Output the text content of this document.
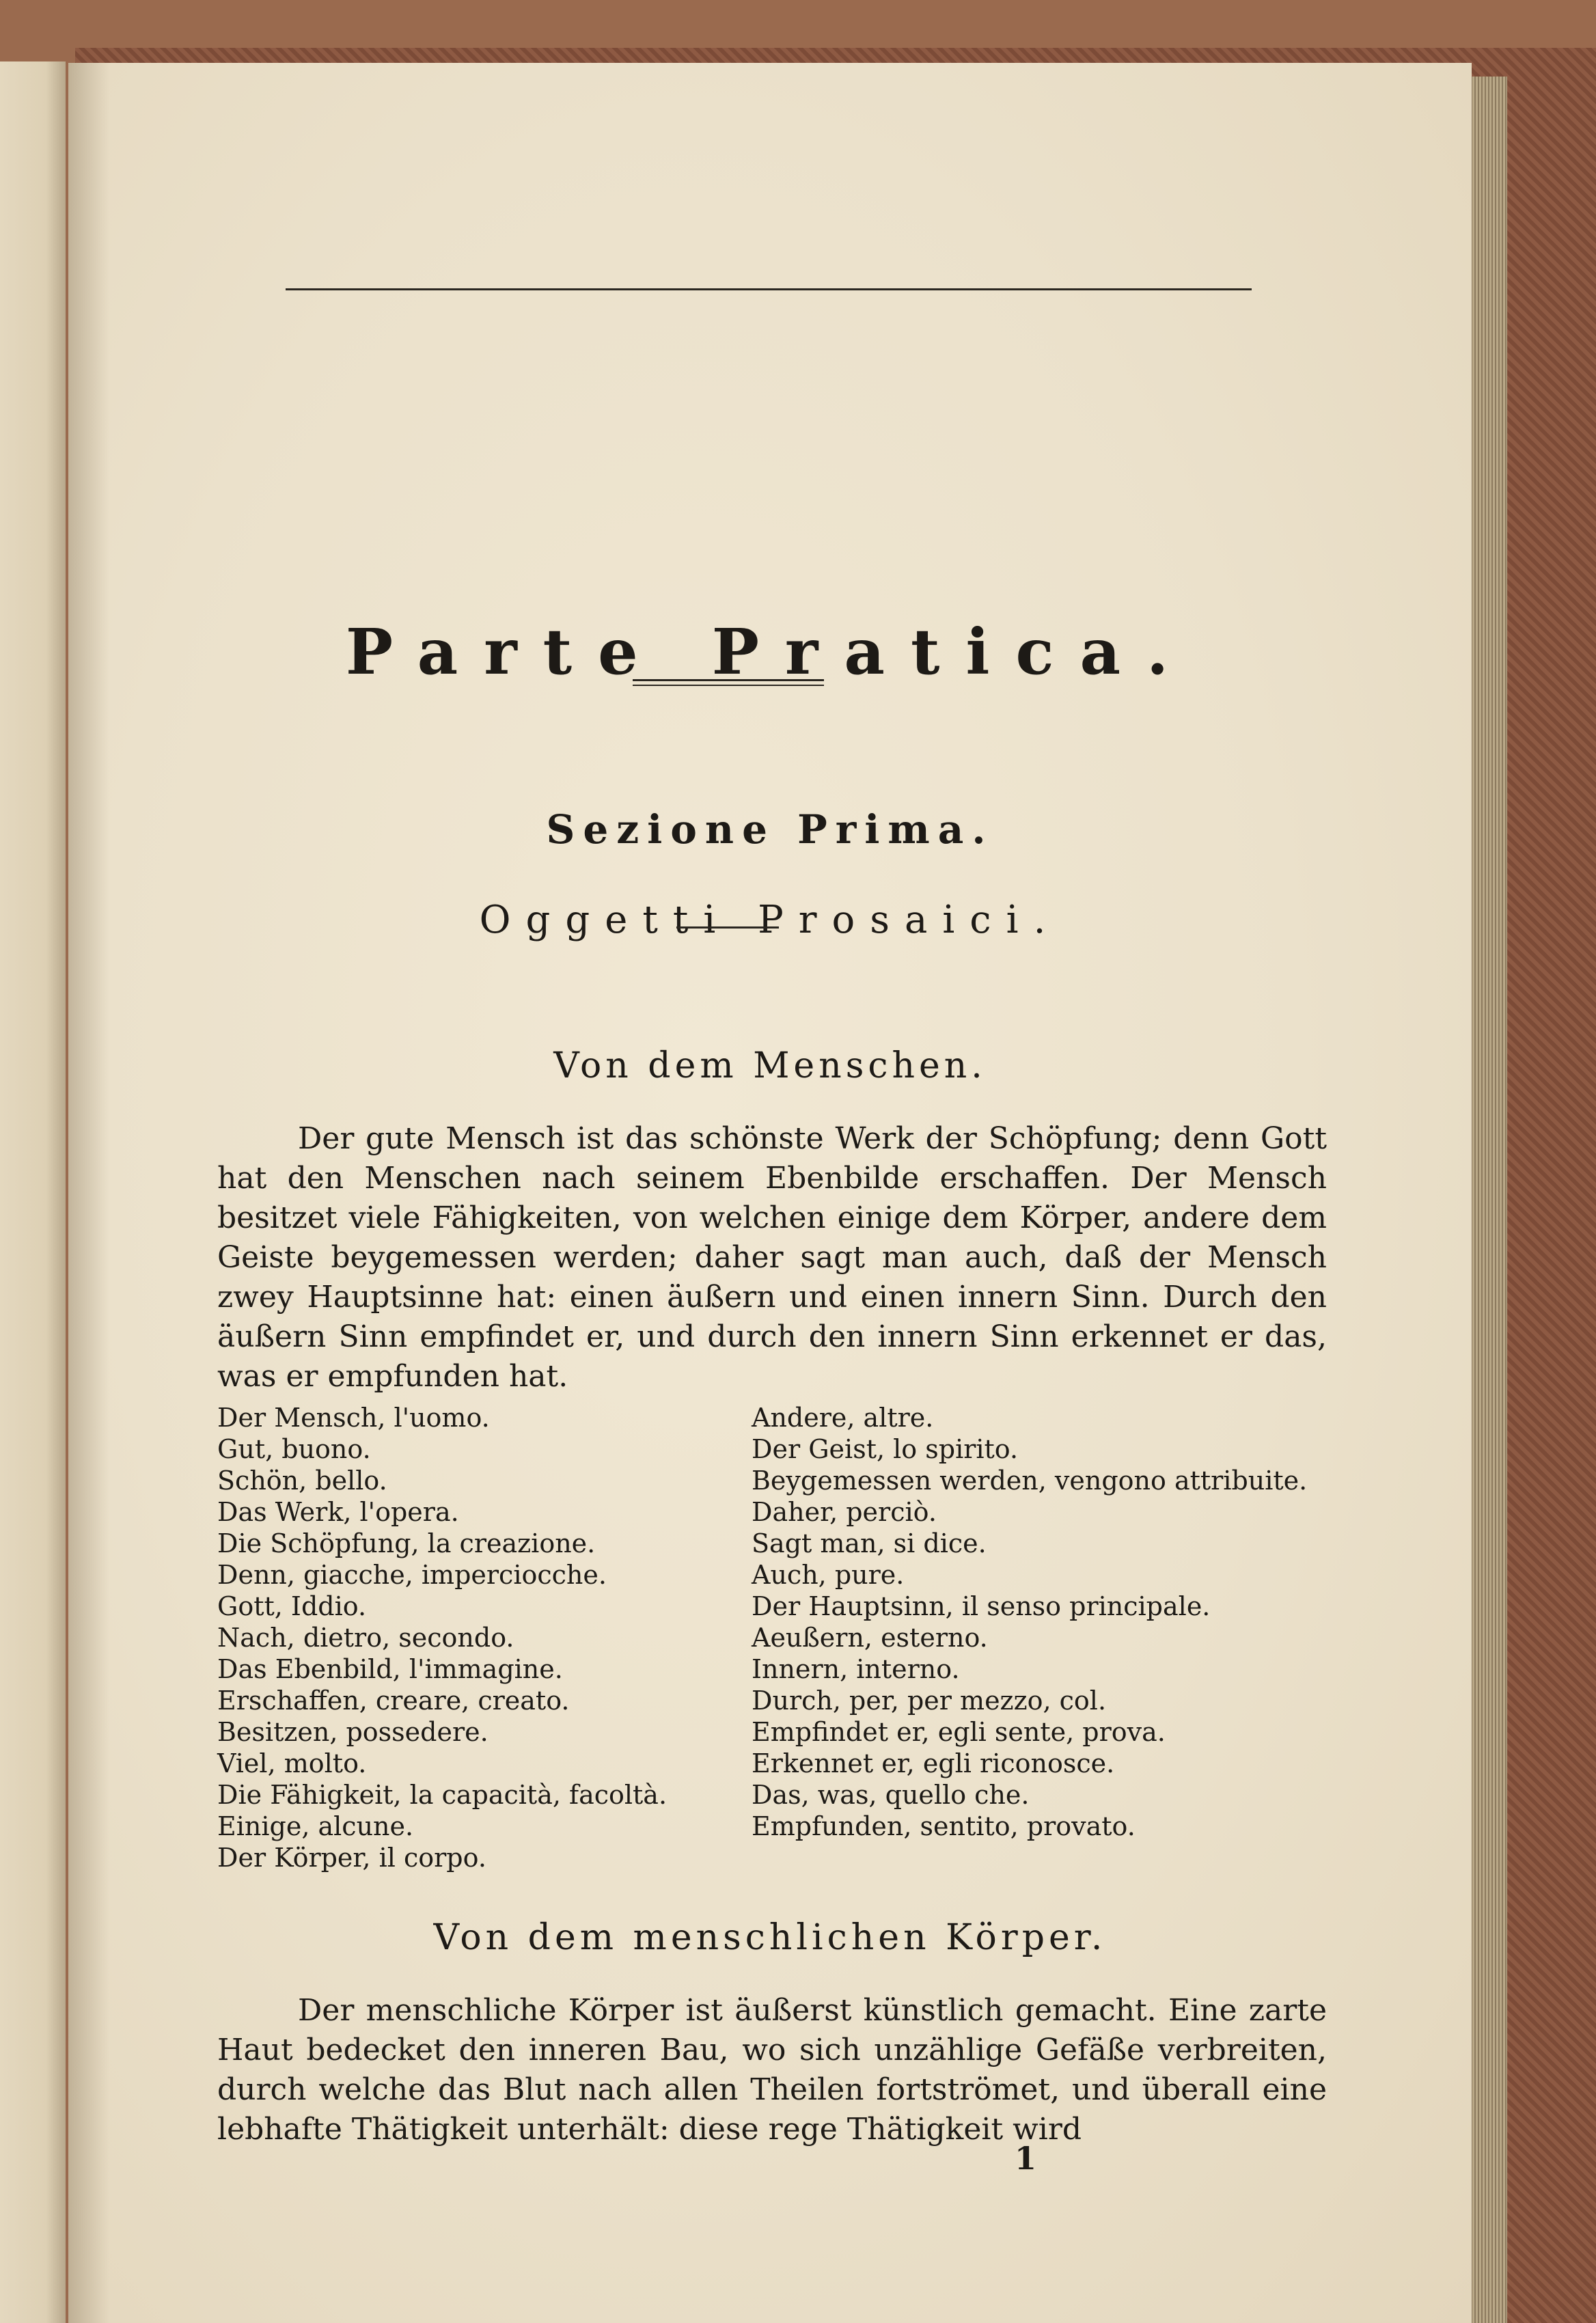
Parte Pratica.
Sezione Prima.
Oggetti Prosaici.
Von dem Menschen.

Der gute Mensch ist das schönste Werk der Schöpfung; denn Gott hat den Menschen nach seinem Ebenbilde erschaffen. Der Mensch besitzet viele Fähigkeiten, von welchen einige dem Körper, andere dem Geiste beygemessen werden; daher sagt man auch, daß der Mensch zwey Hauptsinne hat: einen äußern und einen innern Sinn. Durch den äußern Sinn empfindet er, und durch den innern Sinn erkennet er das, was er empfunden hat.

Der Mensch, l'uomo.
Gut, buono.
Schön, bello.
Das Werk, l'opera.
Die Schöpfung, la creazione.
Denn, giacche, imperciocche.
Gott, Iddio.
Nach, dietro, secondo.
Das Ebenbild, l'immagine.
Erschaffen, creare, creato.
Besitzen, possedere.
Viel, molto.
Die Fähigkeit, la capacità, facoltà.
Einige, alcune.
Der Körper, il corpo.
Andere, altre.
Der Geist, lo spirito.
Beygemessen werden, vengono attribuite.
Daher, perciò.
Sagt man, si dice.
Auch, pure.
Der Hauptsinn, il senso principale.
Aeußern, esterno.
Innern, interno.
Durch, per, per mezzo, col.
Empfindet er, egli sente, prova.
Erkennet er, egli riconosce.
Das, was, quello che.
Empfunden, sentito, provato.
Von dem menschlichen Körper.

Der menschliche Körper ist äußerst künstlich gemacht. Eine zarte Haut bedecket den inneren Bau, wo sich unzählige Gefäße verbreiten, durch welche das Blut nach allen Theilen fortströmet, und überall eine lebhafte Thätigkeit unterhält: diese rege Thätigkeit wird

1
